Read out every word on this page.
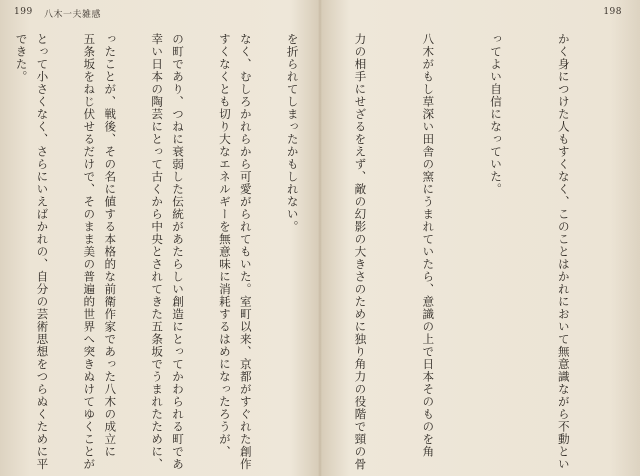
199 八木一夫雑感

なく、むしろかれらから可愛がられてもいた。室町以来、京都がすぐれた創作

の町であり、つねに衰弱した伝統があたらしい創造にとってかわられる町であ

ったことが、戦後、その名に値する本格的な前衛作家であった八木の成立に

とって小さくなく、さらにいえばかれの、自分の芸術思想をつらぬくために平

198

かく身につけた人もすくなく、このことはかれにおいて無意識ながら不動とい

ってよい自信になっていた。

八木がもし草深い田舎の窯にうまれていたら、意識の上で日本そのものを角

力の相手にせざるをえず、敵の幻影の大きさのために独り角力の役階で頸の骨

を折られてしまったかもしれない。

すくなくとも切り大なエネルギーを無意味に消耗するはめになったろうが、

幸い日本の陶芸にとって古くから中央とされてきた五条坂でうまれたために、

五条坂をねじ伏せるだけで、そのまま美の普遍的世界へ突きぬけてゆくことが

できた。
